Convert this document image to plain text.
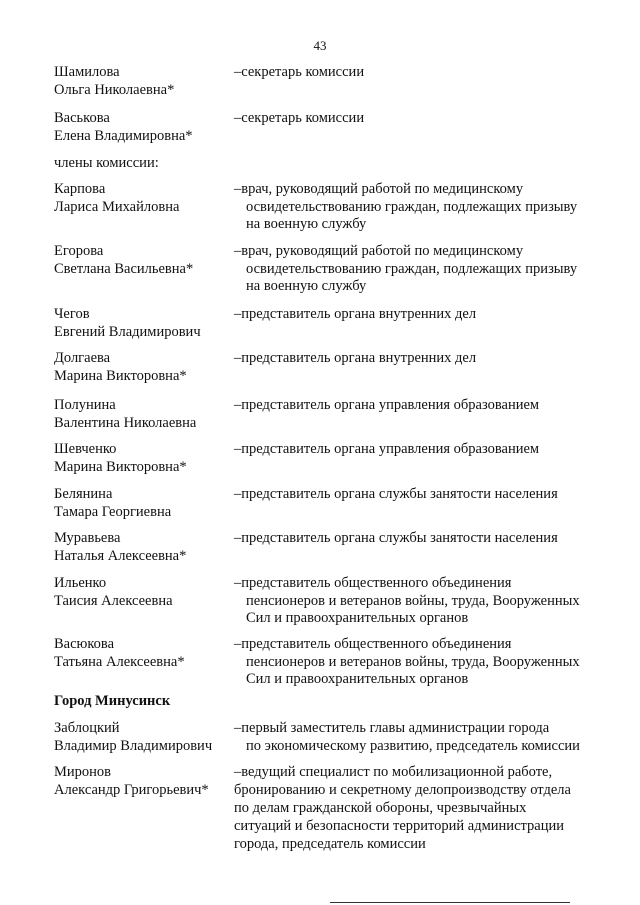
43
Шамилова
Ольга Николаевна*
–секретарь комиссии
Васькова
Елена Владимировна*
–секретарь комиссии
члены комиссии:
Карпова
Лариса Михайловна
–врач, руководящий работой по медицинскому
освидетельствованию граждан, подлежащих призыву
на военную службу
Егорова
Светлана Васильевна*
–врач, руководящий работой по медицинскому
освидетельствованию граждан, подлежащих призыву
на военную службу
Чегов
Евгений Владимирович
–представитель органа внутренних дел
Долгаева
Марина Викторовна*
–представитель органа внутренних дел
Полунина
Валентина Николаевна
–представитель органа управления образованием
Шевченко
Марина Викторовна*
–представитель органа управления образованием
Белянина
Тамара Георгиевна
–представитель органа службы занятости населения
Муравьева
Наталья Алексеевна*
–представитель органа службы занятости населения
Ильенко
Таисия Алексеевна
–представитель общественного объединения
пенсионеров и ветеранов войны, труда, Вооруженных
Сил и правоохранительных органов
Васюкова
Татьяна Алексеевна*
–представитель общественного объединения
пенсионеров и ветеранов войны, труда, Вооруженных
Сил и правоохранительных органов
Город Минусинск
Заблоцкий
Владимир Владимирович
–первый заместитель главы администрации города
по экономическому развитию, председатель комиссии
Миронов
Александр Григорьевич*
–ведущий специалист по мобилизационной работе,
бронированию и секретному делопроизводству отдела
по делам гражданской обороны, чрезвычайных
ситуаций и безопасности территорий администрации
города, председатель комиссии
